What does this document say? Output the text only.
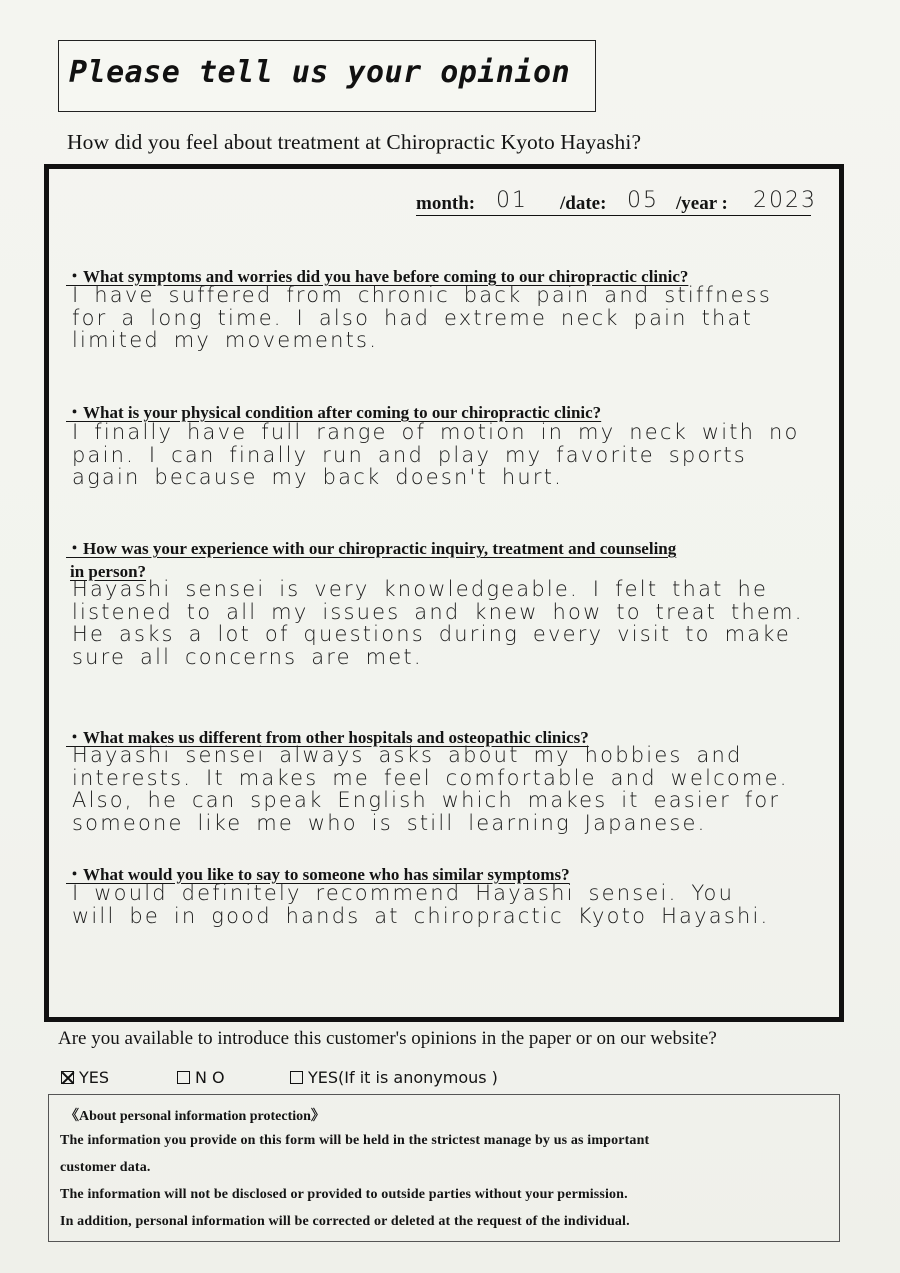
Please tell us your opinion
How did you feel about treatment at Chiropractic Kyoto Hayashi?
month: 01 /date: 05 /year : 2023
・What symptoms and worries did you have before coming to our chiropractic clinic?
I have suffered from chronic back pain and stiffness
for a long time. I also had extreme neck pain that
limited my movements.
・What is your physical condition after coming to our chiropractic clinic?
I finally have full range of motion in my neck with no
pain. I can finally run and play my favorite sports
again because my back doesn't hurt.
・How was your experience with our chiropractic inquiry, treatment and counseling
in person?
Hayashi sensei is very knowledgeable. I felt that he
listened to all my issues and knew how to treat them.
He asks a lot of questions during every visit to make
sure all concerns are met.
・What makes us different from other hospitals and osteopathic clinics?
Hayashi sensei always asks about my hobbies and
interests. It makes me feel comfortable and welcome.
Also, he can speak English which makes it easier for
someone like me who is still learning Japanese.
・What would you like to say to someone who has similar symptoms?
I would definitely recommend Hayashi sensei. You
will be in good hands at chiropractic Kyoto Hayashi.
Are you available to introduce this customer's opinions in the paper or on our website?
YES	N O	YES(If it is anonymous )
《About personal information protection》
The information you provide on this form will be held in the strictest manage by us as important
customer data.
The information will not be disclosed or provided to outside parties without your permission.
In addition, personal information will be corrected or deleted at the request of the individual.
